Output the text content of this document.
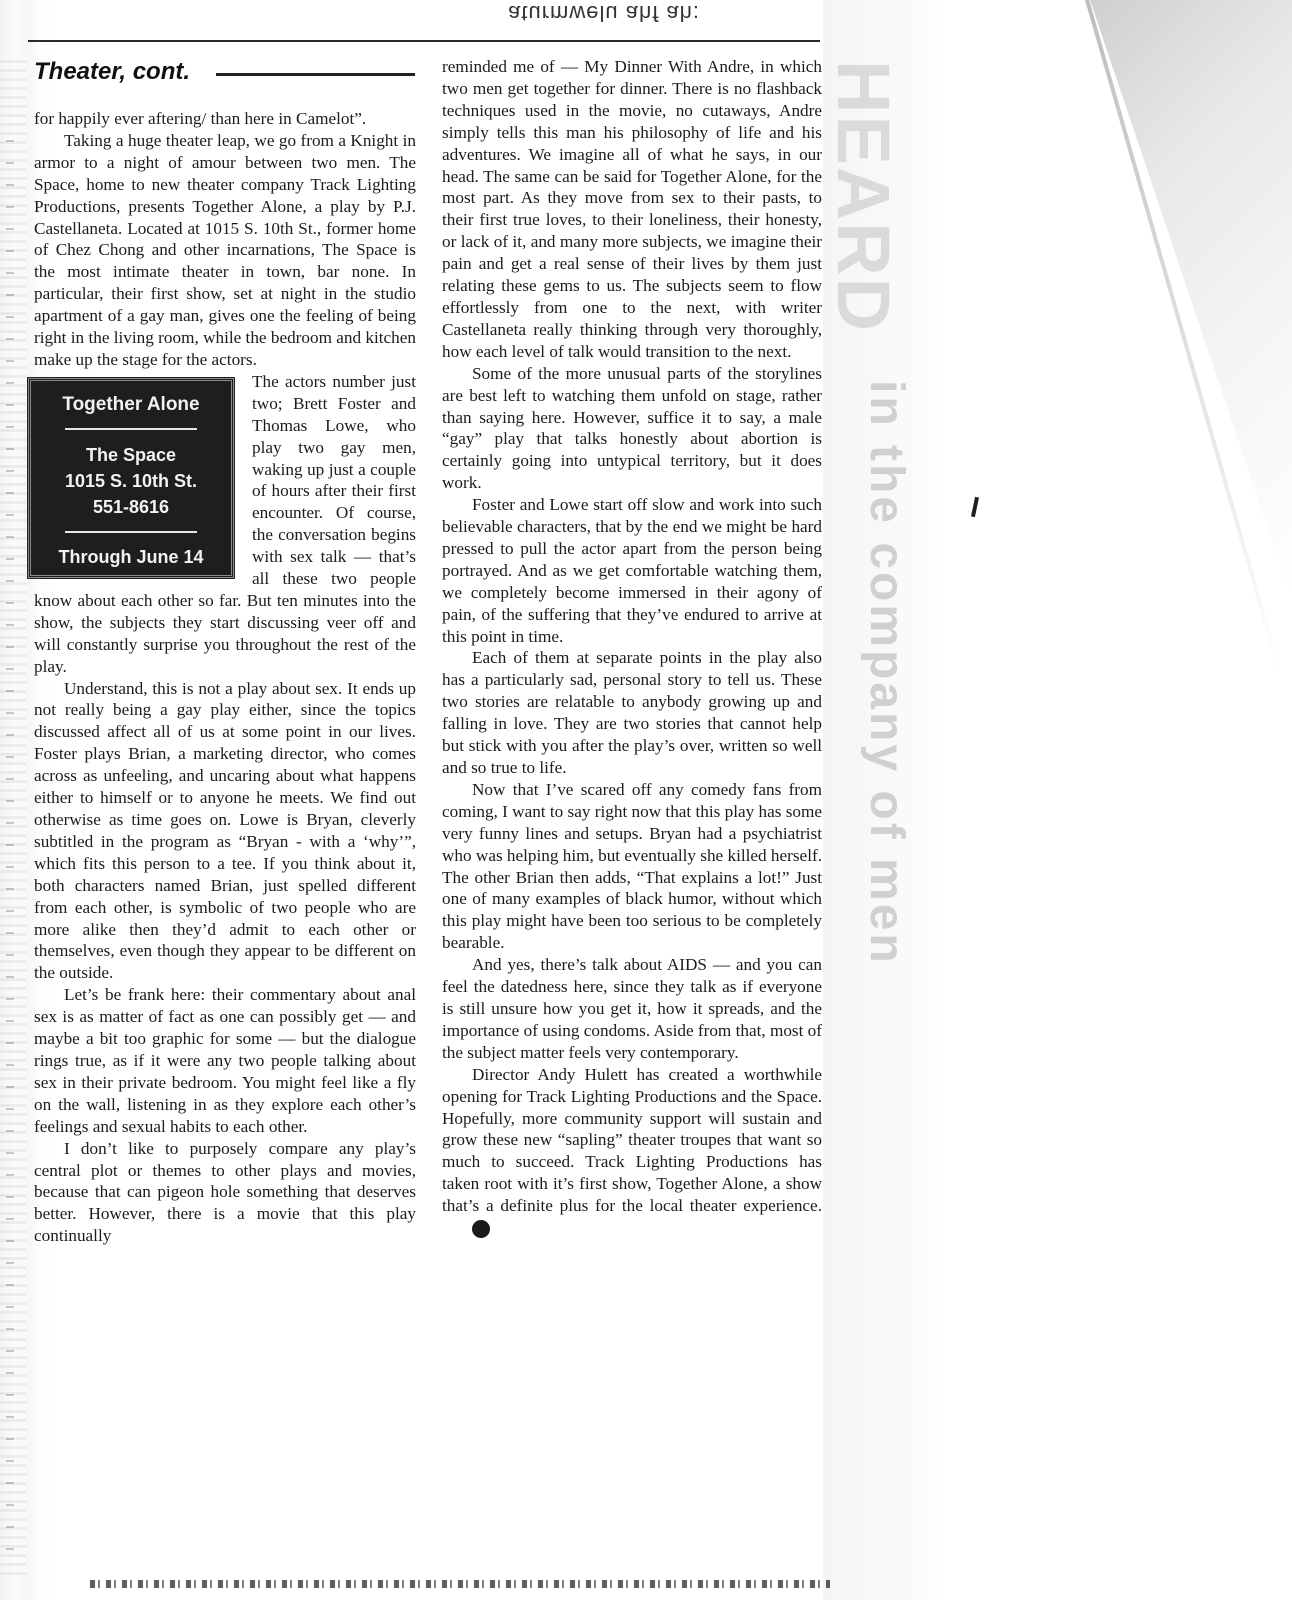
HEARD
in the company of men
aturmwelu ahf ah:
Theater, cont.

for happily ever aftering/ than here in Camelot”.

Taking a huge theater leap, we go from a Knight in armor to a night of amour between two men. The Space, home to new theater company Track Lighting Productions, presents Together Alone, a play by P.J. Castellaneta. Located at 1015 S. 10th St., former home of Chez Chong and other incarnations, The Space is the most intimate theater in town, bar none. In particular, their first show, set at night in the studio apartment of a gay man, gives one the feeling of being right in the living room, while the bedroom and kitchen make up the stage for the actors.

Together Alone
The Space
1015 S. 10th St.
551-8616
Through June 14

The actors number just two; Brett Foster and Thomas Lowe, who play two gay men, waking up just a couple of hours after their first encounter. Of course, the conversation begins with sex talk — that’s all these two people know about each other so far. But ten minutes into the show, the subjects they start discussing veer off and will constantly surprise you throughout the rest of the play.

Understand, this is not a play about sex. It ends up not really being a gay play either, since the topics discussed affect all of us at some point in our lives. Foster plays Brian, a marketing director, who comes across as unfeeling, and uncaring about what happens either to himself or to anyone he meets. We find out otherwise as time goes on. Lowe is Bryan, cleverly subtitled in the program as “Bryan - with a ‘why’”, which fits this person to a tee. If you think about it, both characters named Brian, just spelled different from each other, is symbolic of two people who are more alike then they’d admit to each other or themselves, even though they appear to be different on the outside.

Let’s be frank here: their commentary about anal sex is as matter of fact as one can possibly get — and maybe a bit too graphic for some — but the dialogue rings true, as if it were any two people talking about sex in their private bedroom. You might feel like a fly on the wall, listening in as they explore each other’s feelings and sexual habits to each other.

I don’t like to purposely compare any play’s central plot or themes to other plays and movies, because that can pigeon hole something that deserves better. However, there is a movie that this play continually

reminded me of — My Dinner With Andre, in which two men get together for dinner. There is no flashback techniques used in the movie, no cutaways, Andre simply tells this man his philosophy of life and his adventures. We imagine all of what he says, in our head. The same can be said for Together Alone, for the most part. As they move from sex to their pasts, to their first true loves, to their loneliness, their honesty, or lack of it, and many more subjects, we imagine their pain and get a real sense of their lives by them just relating these gems to us. The subjects seem to flow effortlessly from one to the next, with writer Castellaneta really thinking through very thoroughly, how each level of talk would transition to the next.

Some of the more unusual parts of the storylines are best left to watching them unfold on stage, rather than saying here. However, suffice it to say, a male “gay” play that talks honestly about abortion is certainly going into untypical territory, but it does work.

Foster and Lowe start off slow and work into such believable characters, that by the end we might be hard pressed to pull the actor apart from the person being portrayed. And as we get comfortable watching them, we completely become immersed in their agony of pain, of the suffering that they’ve endured to arrive at this point in time.

Each of them at separate points in the play also has a particularly sad, personal story to tell us. These two stories are relatable to anybody growing up and falling in love. They are two stories that cannot help but stick with you after the play’s over, written so well and so true to life.

Now that I’ve scared off any comedy fans from coming, I want to say right now that this play has some very funny lines and setups. Bryan had a psychiatrist who was helping him, but eventually she killed herself. The other Brian then adds, “That explains a lot!” Just one of many examples of black humor, without which this play might have been too serious to be completely bearable.

And yes, there’s talk about AIDS — and you can feel the datedness here, since they talk as if everyone is still unsure how you get it, how it spreads, and the importance of using condoms. Aside from that, most of the subject matter feels very contemporary.

Director Andy Hulett has created a worthwhile opening for Track Lighting Productions and the Space. Hopefully, more community support will sustain and grow these new “sapling” theater troupes that want so much to succeed. Track Lighting Productions has taken root with it’s first show, Together Alone, a show that’s a definite plus for the local theater experience.T
